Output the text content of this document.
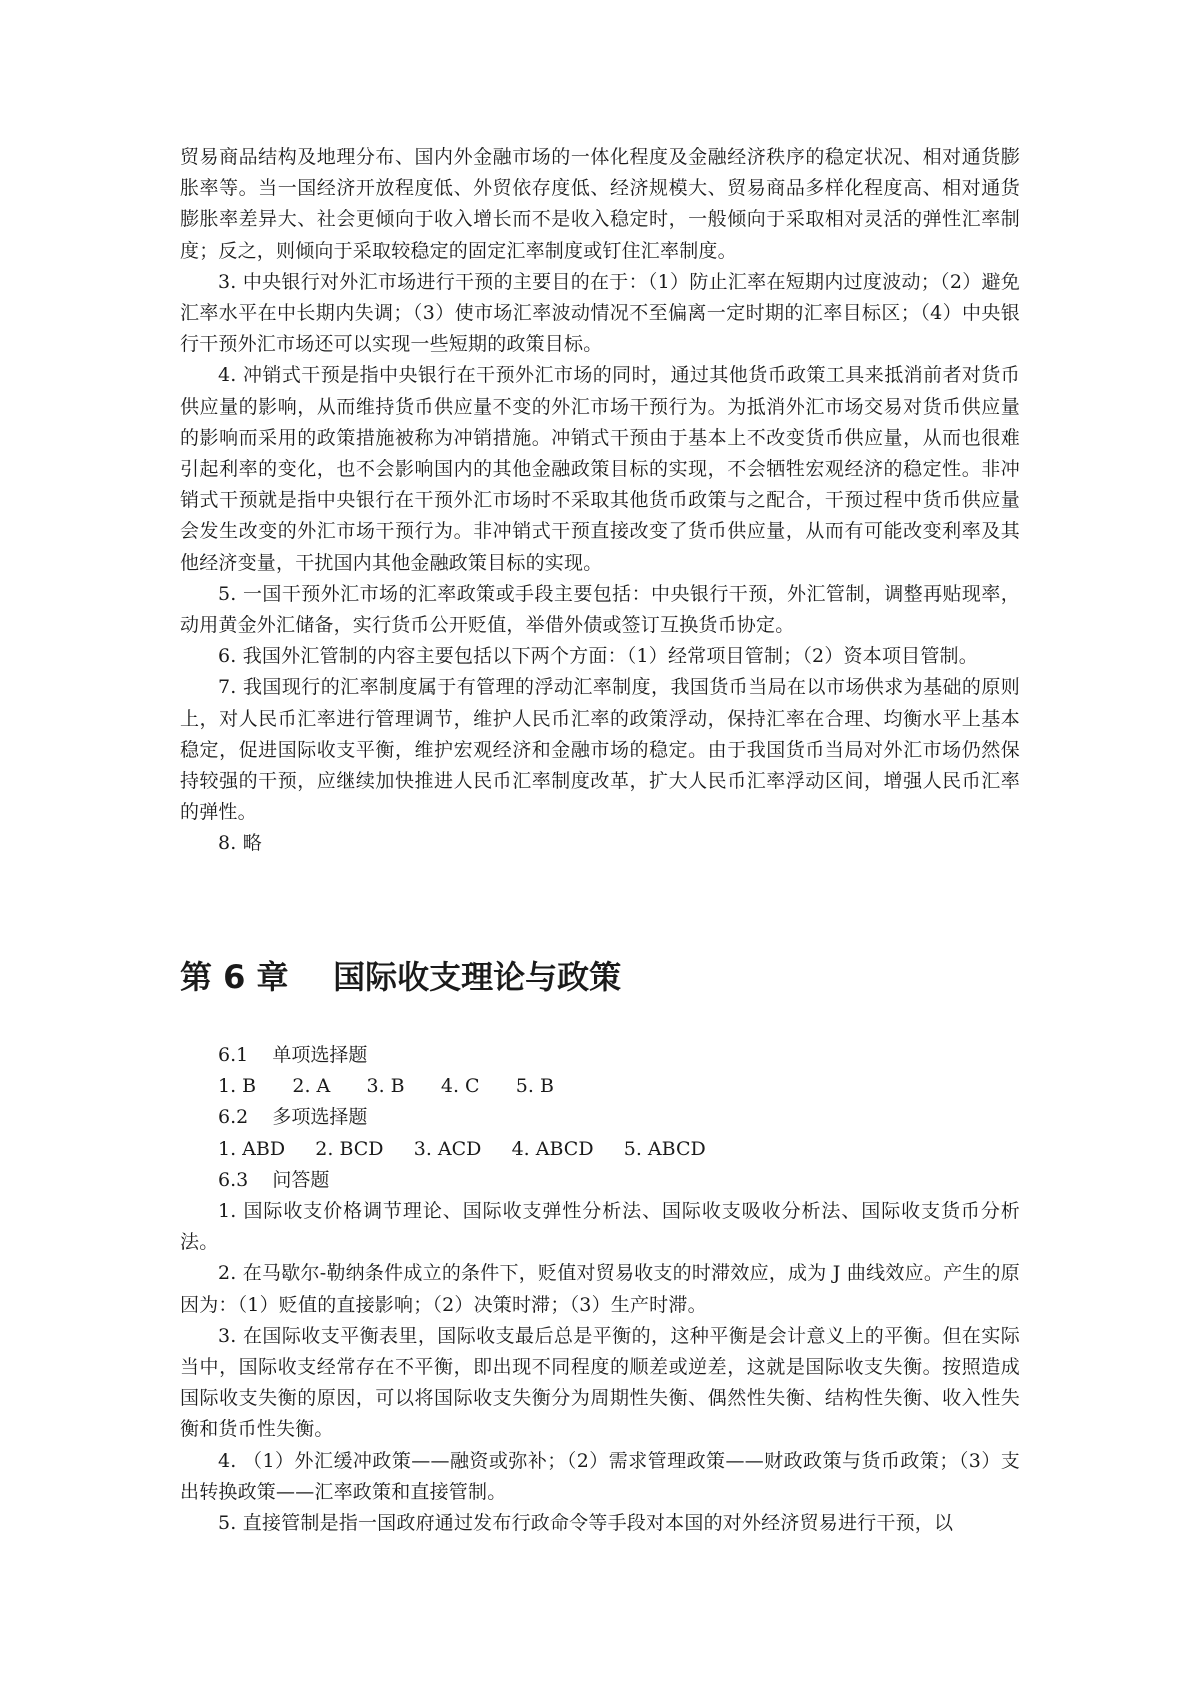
贸易商品结构及地理分布、国内外金融市场的一体化程度及金融经济秩序的稳定状况、相对通货膨胀率等。当一国经济开放程度低、外贸依存度低、经济规模大、贸易商品多样化程度高、相对通货膨胀率差异大、社会更倾向于收入增长而不是收入稳定时，一般倾向于采取相对灵活的弹性汇率制度；反之，则倾向于采取较稳定的固定汇率制度或钉住汇率制度。

3. 中央银行对外汇市场进行干预的主要目的在于：（1）防止汇率在短期内过度波动；（2）避免汇率水平在中长期内失调；（3）使市场汇率波动情况不至偏离一定时期的汇率目标区；（4）中央银行干预外汇市场还可以实现一些短期的政策目标。

4. 冲销式干预是指中央银行在干预外汇市场的同时，通过其他货币政策工具来抵消前者对货币供应量的影响，从而维持货币供应量不变的外汇市场干预行为。为抵消外汇市场交易对货币供应量的影响而采用的政策措施被称为冲销措施。冲销式干预由于基本上不改变货币供应量，从而也很难引起利率的变化，也不会影响国内的其他金融政策目标的实现，不会牺牲宏观经济的稳定性。非冲销式干预就是指中央银行在干预外汇市场时不采取其他货币政策与之配合，干预过程中货币供应量会发生改变的外汇市场干预行为。非冲销式干预直接改变了货币供应量，从而有可能改变利率及其他经济变量，干扰国内其他金融政策目标的实现。

5. 一国干预外汇市场的汇率政策或手段主要包括：中央银行干预，外汇管制，调整再贴现率，动用黄金外汇储备，实行货币公开贬值，举借外债或签订互换货币协定。

6. 我国外汇管制的内容主要包括以下两个方面：（1）经常项目管制；（2）资本项目管制。

7. 我国现行的汇率制度属于有管理的浮动汇率制度，我国货币当局在以市场供求为基础的原则上，对人民币汇率进行管理调节，维护人民币汇率的政策浮动，保持汇率在合理、均衡水平上基本稳定，促进国际收支平衡，维护宏观经济和金融市场的稳定。由于我国货币当局对外汇市场仍然保持较强的干预，应继续加快推进人民币汇率制度改革，扩大人民币汇率浮动区间，增强人民币汇率的弹性。

8. 略

第 6 章    国际收支理论与政策

6.1    单项选择题

1. B      2. A      3. B      4. C      5. B

6.2    多项选择题

1. ABD     2. BCD     3. ACD     4. ABCD     5. ABCD

6.3    问答题

1. 国际收支价格调节理论、国际收支弹性分析法、国际收支吸收分析法、国际收支货币分析法。

2. 在马歇尔-勒纳条件成立的条件下，贬值对贸易收支的时滞效应，成为 J 曲线效应。产生的原因为：（1）贬值的直接影响；（2）决策时滞；（3）生产时滞。

3. 在国际收支平衡表里，国际收支最后总是平衡的，这种平衡是会计意义上的平衡。但在实际当中，国际收支经常存在不平衡，即出现不同程度的顺差或逆差，这就是国际收支失衡。按照造成国际收支失衡的原因，可以将国际收支失衡分为周期性失衡、偶然性失衡、结构性失衡、收入性失衡和货币性失衡。

4. （1）外汇缓冲政策——融资或弥补；（2）需求管理政策——财政政策与货币政策；（3）支出转换政策——汇率政策和直接管制。

5. 直接管制是指一国政府通过发布行政命令等手段对本国的对外经济贸易进行干预，以
